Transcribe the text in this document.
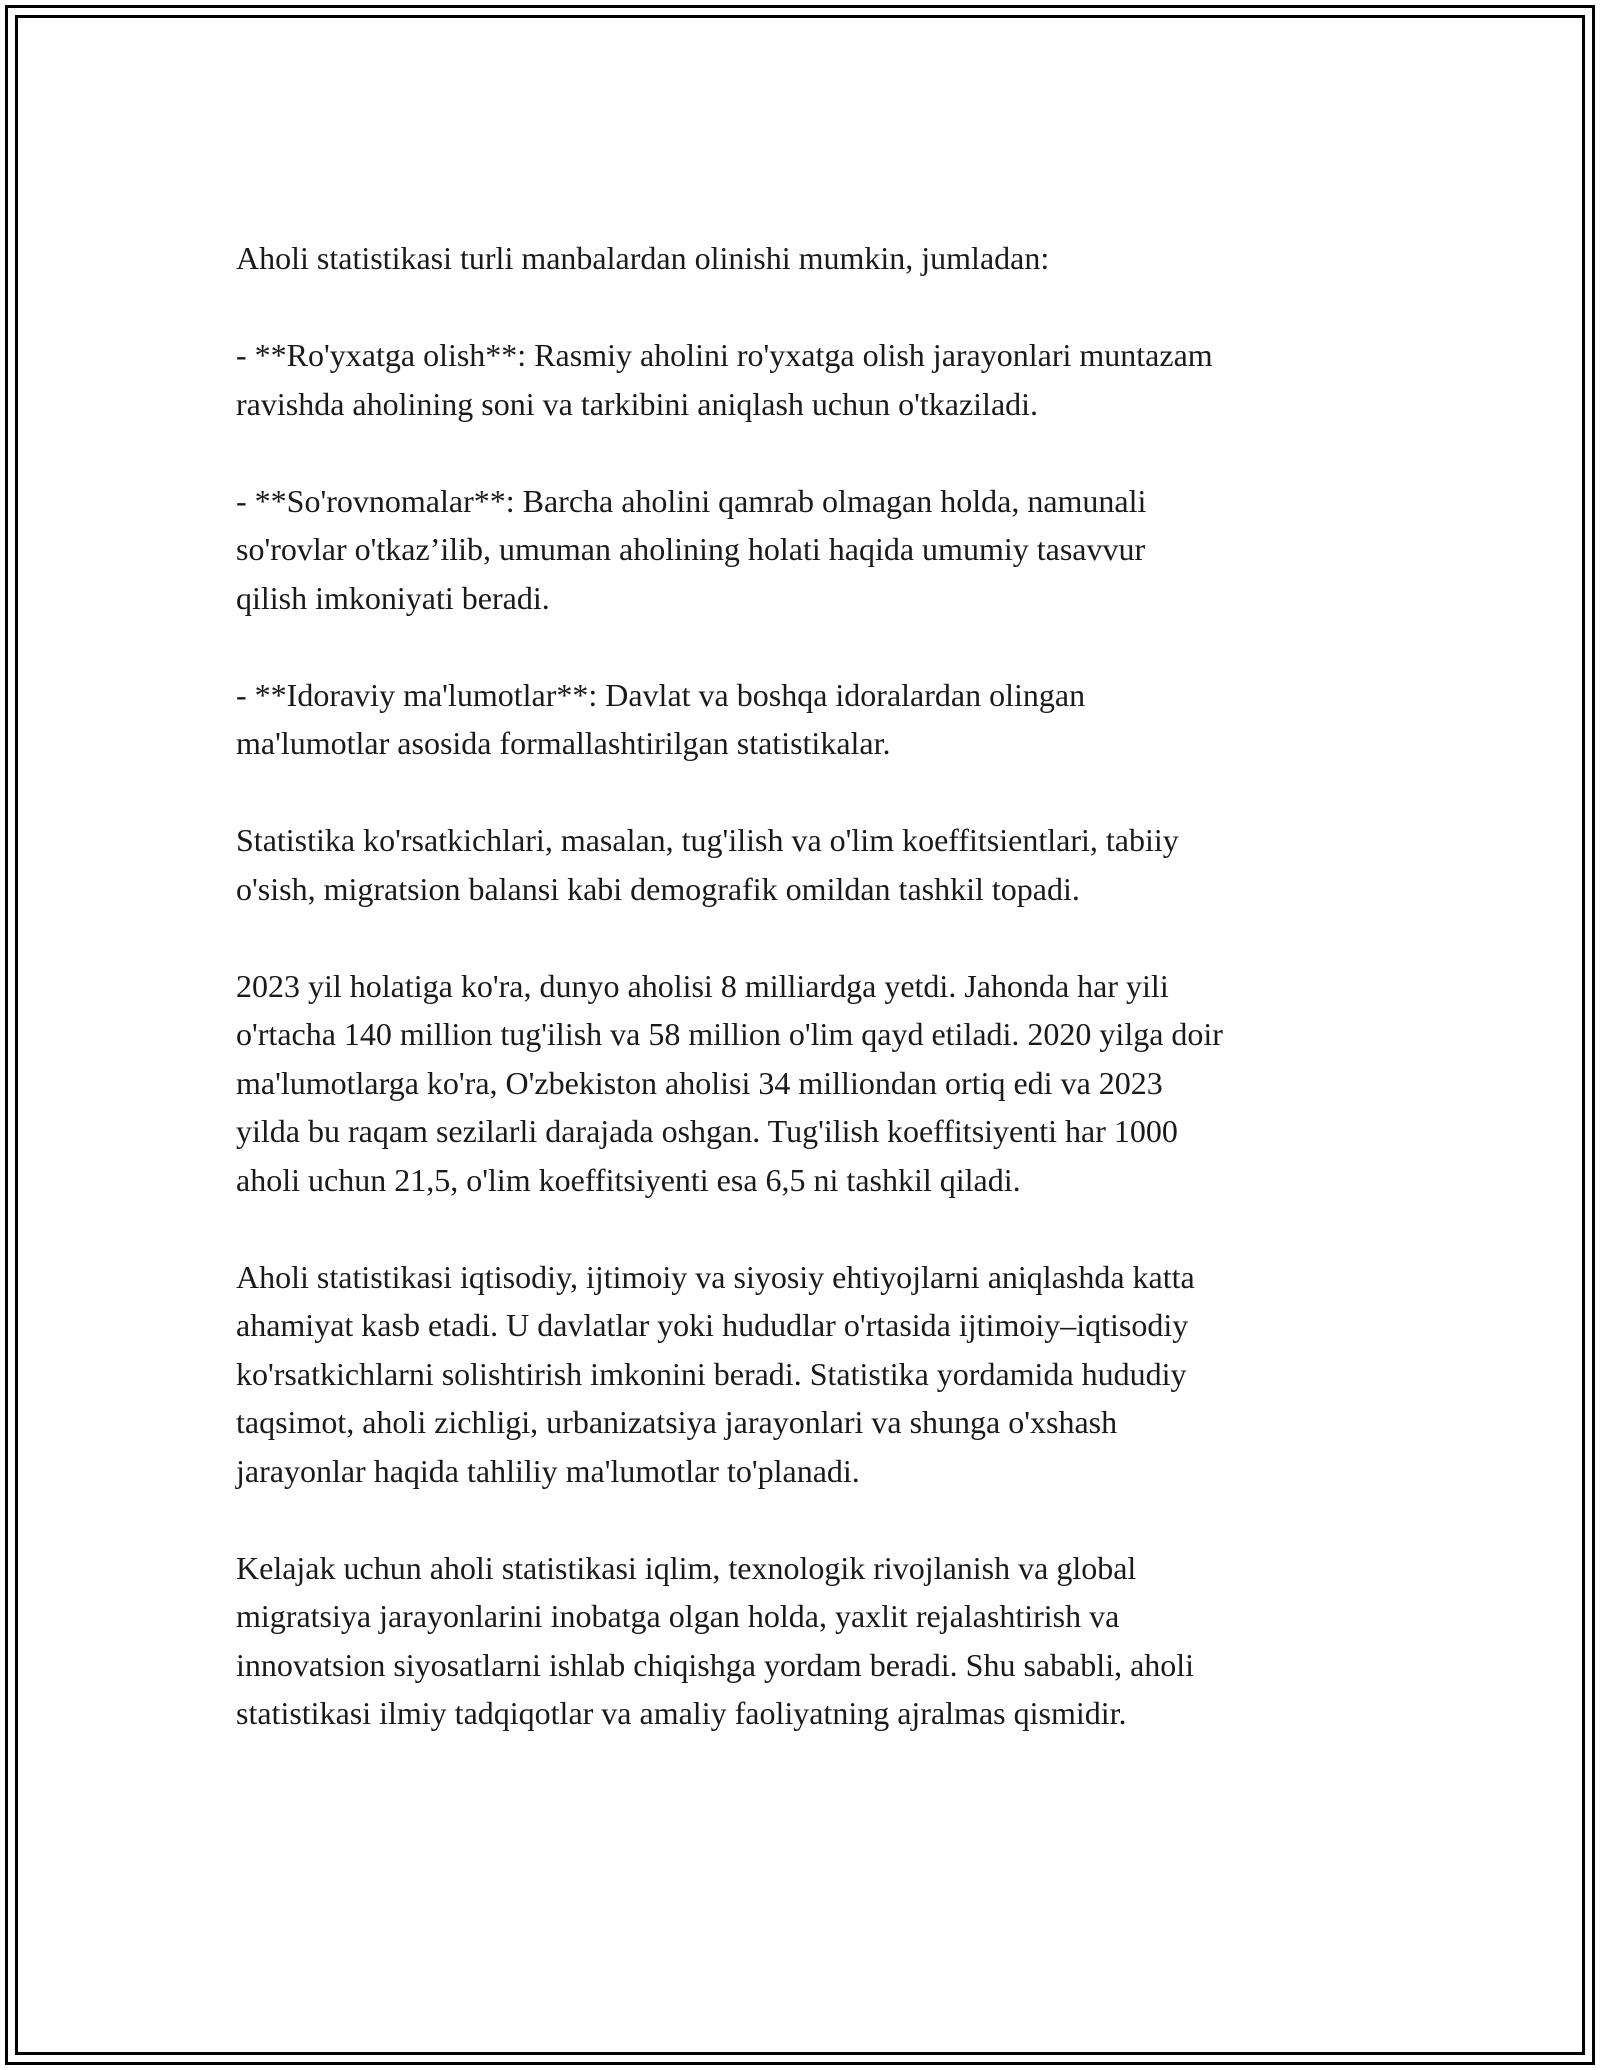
Aholi statistikasi turli manbalardan olinishi mumkin, jumladan:

- **Ro'yxatga olish**: Rasmiy aholini ro'yxatga olish jarayonlari muntazam
ravishda aholining soni va tarkibini aniqlash uchun o'tkaziladi.

- **So'rovnomalar**: Barcha aholini qamrab olmagan holda, namunali
so'rovlar o'tkaz’ilib, umuman aholining holati haqida umumiy tasavvur
qilish imkoniyati beradi.

- **Idoraviy ma'lumotlar**: Davlat va boshqa idoralardan olingan
ma'lumotlar asosida formallashtirilgan statistikalar.

Statistika ko'rsatkichlari, masalan, tug'ilish va o'lim koeffitsientlari, tabiiy
o'sish, migratsion balansi kabi demografik omildan tashkil topadi.

2023 yil holatiga ko'ra, dunyo aholisi 8 milliardga yetdi. Jahonda har yili
o'rtacha 140 million tug'ilish va 58 million o'lim qayd etiladi. 2020 yilga doir
ma'lumotlarga ko'ra, O'zbekiston aholisi 34 milliondan ortiq edi va 2023
yilda bu raqam sezilarli darajada oshgan. Tug'ilish koeffitsiyenti har 1000
aholi uchun 21,5, o'lim koeffitsiyenti esa 6,5 ni tashkil qiladi.

Aholi statistikasi iqtisodiy, ijtimoiy va siyosiy ehtiyojlarni aniqlashda katta
ahamiyat kasb etadi. U davlatlar yoki hududlar o'rtasida ijtimoiy–iqtisodiy
ko'rsatkichlarni solishtirish imkonini beradi. Statistika yordamida hududiy
taqsimot, aholi zichligi, urbanizatsiya jarayonlari va shunga o'xshash
jarayonlar haqida tahliliy ma'lumotlar to'planadi.

Kelajak uchun aholi statistikasi iqlim, texnologik rivojlanish va global
migratsiya jarayonlarini inobatga olgan holda, yaxlit rejalashtirish va
innovatsion siyosatlarni ishlab chiqishga yordam beradi. Shu sababli, aholi
statistikasi ilmiy tadqiqotlar va amaliy faoliyatning ajralmas qismidir.
